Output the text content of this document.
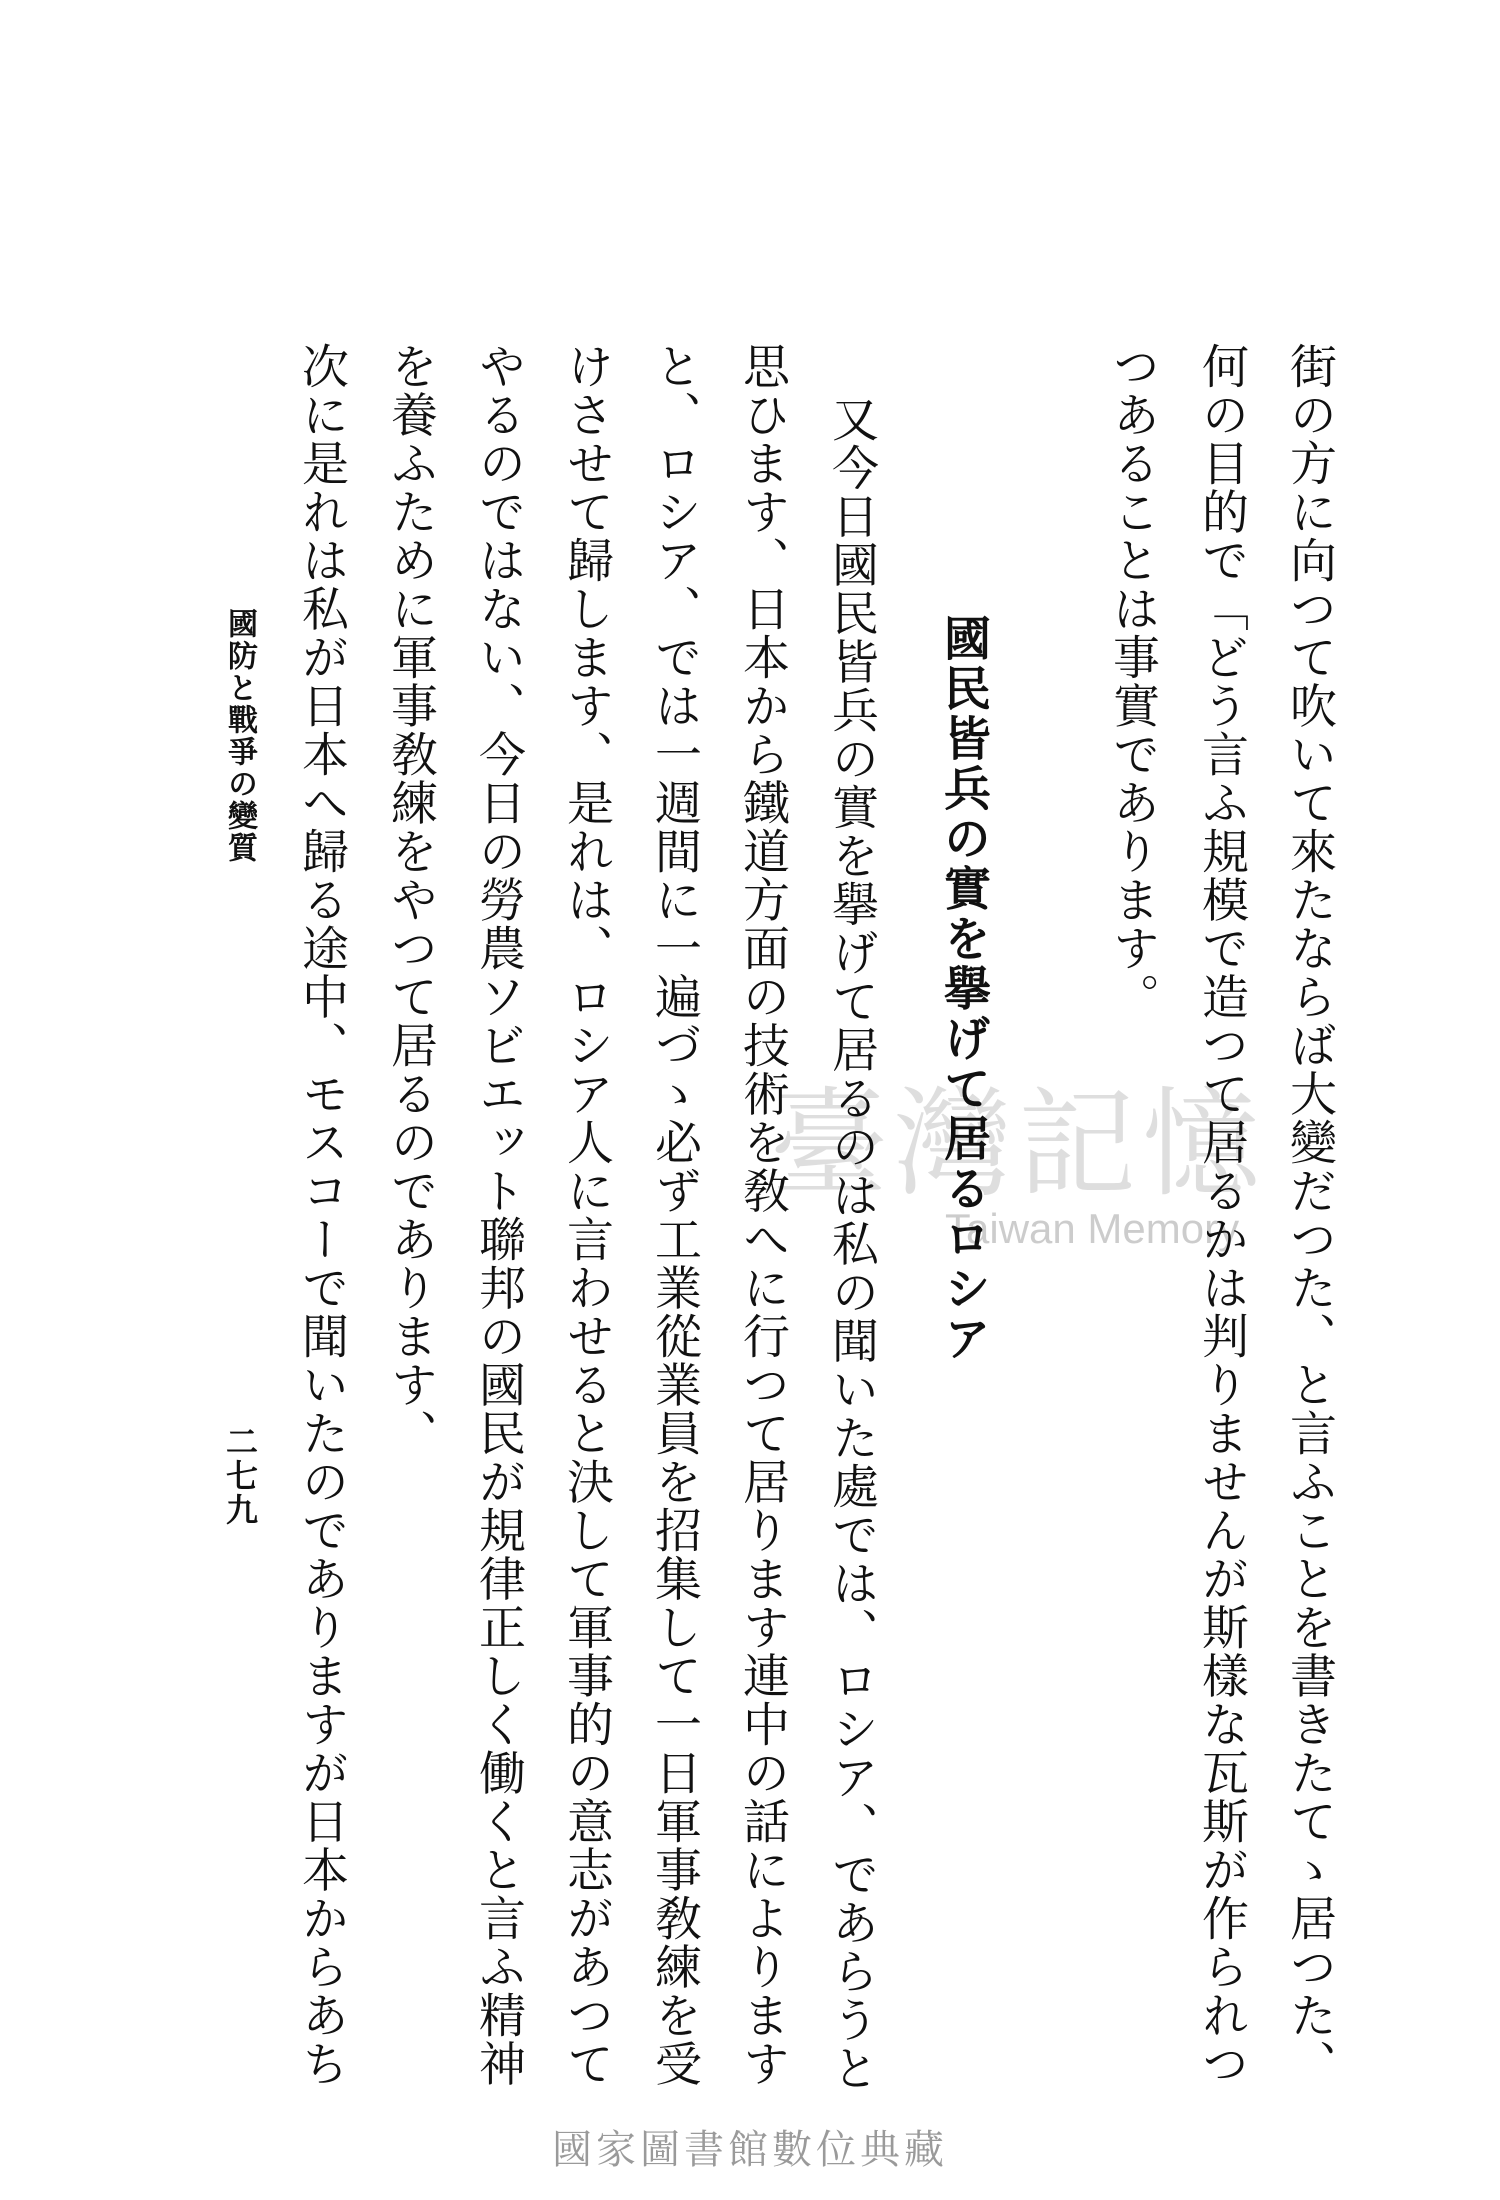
街の方に向つて吹いて來たならば大變だつた、と言ふことを書きたてゝ居つた、
何の目的で「どう言ふ規模で造つて居るかは判りませんが斯樣な瓦斯が作られつ
つあることは事實であります。
國民皆兵の實を擧げて居るロシア
又今日國民皆兵の實を擧げて居るのは私の聞いた處では、ロシア、であらうと
思ひます、日本から鐵道方面の技術を敎へに行つて居ります連中の話によります
と、ロシア、では一週間に一遍づゝ必ず工業從業員を招集して一日軍事敎練を受
けさせて歸します、是れは、ロシア人に言わせると決して軍事的の意志があつて
やるのではない、今日の勞農ソビエット聯邦の國民が規律正しく働くと言ふ精神
を養ふために軍事敎練をやつて居るのであります、
次に是れは私が日本へ歸る途中、モスコーで聞いたのでありますが日本からあち
國防と戰爭の變質
二七九
臺灣記憶
Taiwan Memory
國家圖書館數位典藏
